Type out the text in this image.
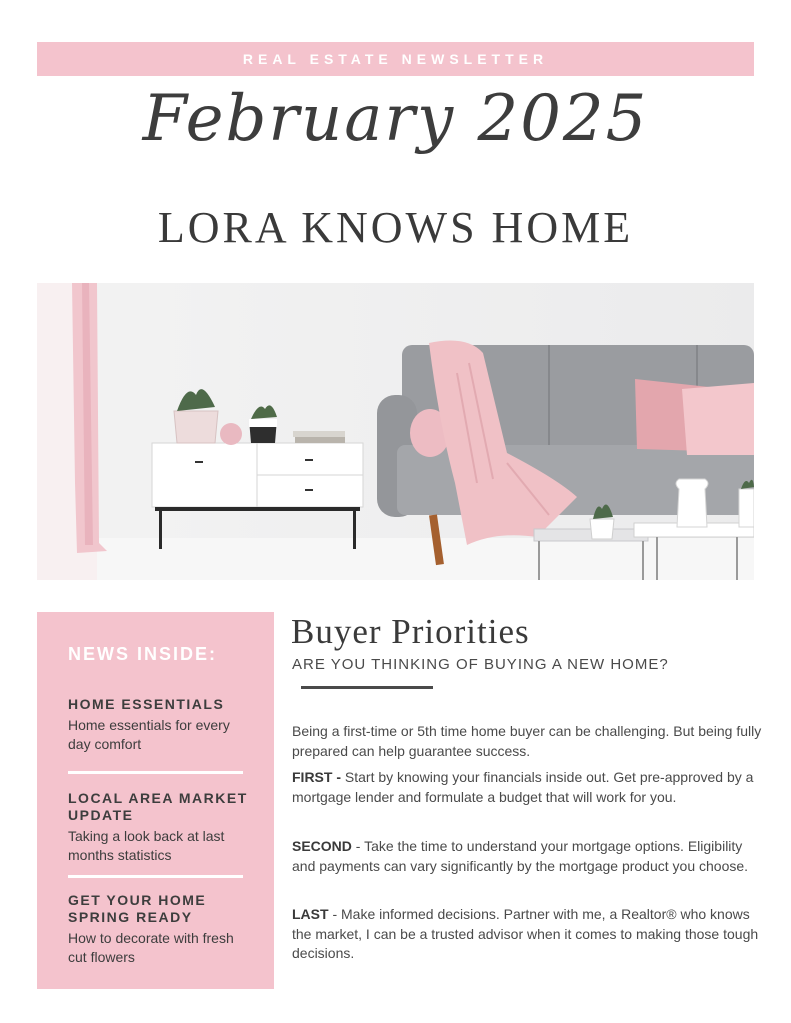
REAL ESTATE NEWSLETTER
February 2025
LORA KNOWS HOME
NEWS INSIDE:
HOME ESSENTIALS
Home essentials for every day comfort
LOCAL AREA MARKET UPDATE
Taking a look back at last months statistics
GET YOUR HOME SPRING READY
How to decorate with fresh cut flowers
Buyer Priorities
ARE YOU THINKING OF BUYING A NEW HOME?
Being a first-time or 5th time home buyer can be challenging. But being fully prepared can help guarantee success.
FIRST - Start by knowing your financials inside out. Get pre-approved by a mortgage lender and formulate a budget that will work for you.
SECOND - Take the time to understand your mortgage options. Eligibility and payments can vary significantly by the mortgage product you choose.
LAST - Make informed decisions. Partner with me, a Realtor® who knows the market, I can be a trusted advisor when it comes to making those tough decisions.
